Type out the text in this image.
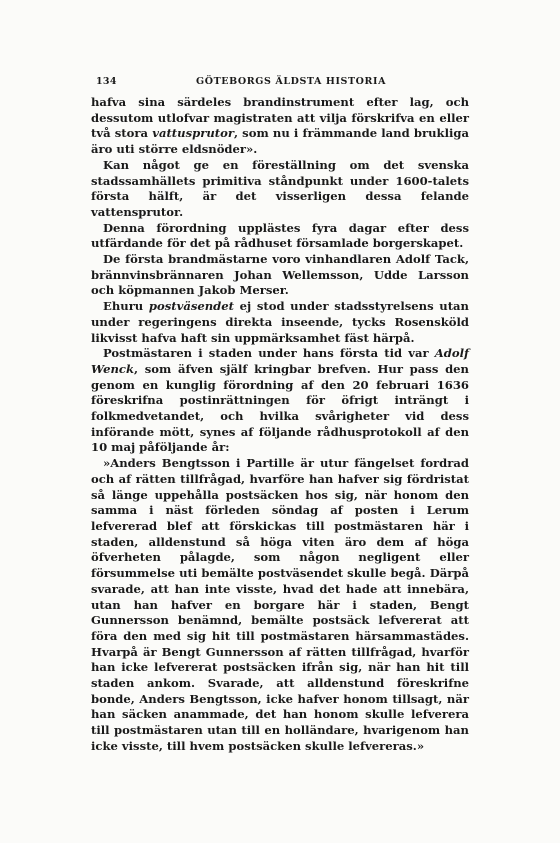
134	GÖTEBORGS ÄLDSTA HISTORIA

hafva sina särdeles brandinstrument efter lag, och dessutom utlofvar magistraten att vilja förskrifva en eller två stora vattusprutor, som nu i främmande land brukliga äro uti större eldsnöder».

Kan något ge en föreställning om det svenska stadssamhällets primitiva ståndpunkt under 1600-talets första hälft, är det visserligen dessa felande vattensprutor.

Denna förordning upplästes fyra dagar efter dess utfärdande för det på rådhuset församlade borgerskapet.

De första brandmästarne voro vinhandlaren Adolf Tack, brännvinsbrännaren Johan Wellemsson, Udde Larsson och köpmannen Jakob Merser.

Ehuru postväsendet ej stod under stadsstyrelsens utan under regeringens direkta inseende, tycks Rosensköld likvisst hafva haft sin uppmärksamhet fäst härpå.

Postmästaren i staden under hans första tid var Adolf Wenck, som äfven själf kringbar brefven. Hur pass den genom en kunglig förordning af den 20 februari 1636 föreskrifna postinrättningen för öfrigt inträngt i folkmedvetandet, och hvilka svårigheter vid dess införande mött, synes af följande rådhusprotokoll af den 10 maj påföljande år:

»Anders Bengtsson i Partille är utur fängelset fordrad och af rätten tillfrågad, hvarföre han hafver sig fördristat så länge uppehålla postsäcken hos sig, när honom den samma i näst förleden söndag af posten i Lerum lefvererad blef att förskickas till postmästaren här i staden, alldenstund så höga viten äro dem af höga öfverheten pålagde, som någon negligent eller försummelse uti bemälte postväsendet skulle begå. Därpå svarade, att han inte visste, hvad det hade att innebära, utan han hafver en borgare här i staden, Bengt Gunnersson benämnd, bemälte postsäck lefvererat att föra den med sig hit till postmästaren härsammastädes. Hvarpå är Bengt Gunnersson af rätten tillfrågad, hvarför han icke lefvererat postsäcken ifrån sig, när han hit till staden ankom. Svarade, att alldenstund föreskrifne bonde, Anders Bengtsson, icke hafver honom tillsagt, när han säcken anammade, det han honom skulle lefverera till postmästaren utan till en holländare, hvarigenom han icke visste, till hvem postsäcken skulle lefvereras.»
